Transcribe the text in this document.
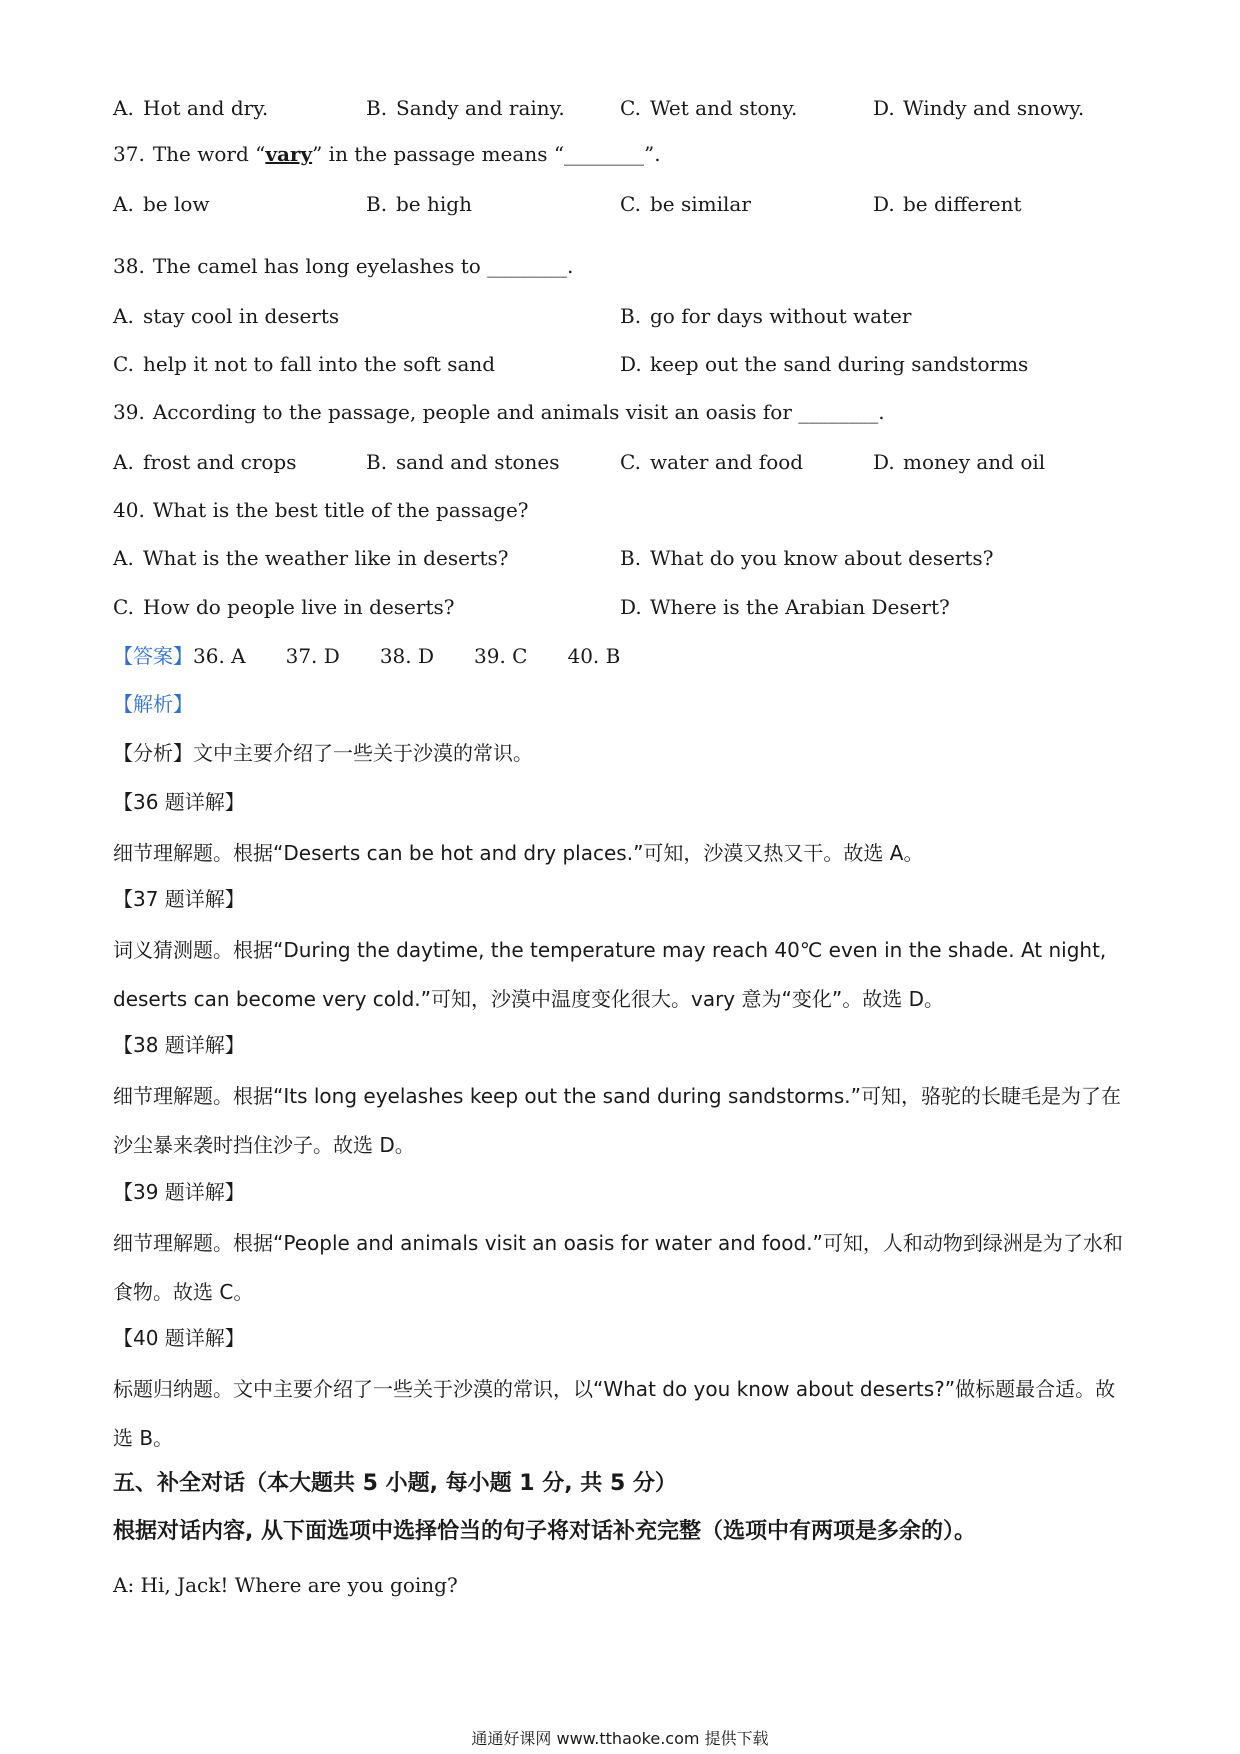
A. Hot and dry.	B. Sandy and rainy.	C. Wet and stony.	D. Windy and snowy.
37. The word “vary” in the passage means “________”.
A. be low	B. be high	C. be similar	D. be different
38. The camel has long eyelashes to ________.
A. stay cool in deserts	B. go for days without water
C. help it not to fall into the soft sand	D. keep out the sand during sandstorms
39. According to the passage, people and animals visit an oasis for ________.
A. frost and crops	B. sand and stones	C. water and food	D. money and oil
40. What is the best title of the passage?
A. What is the weather like in deserts?	B. What do you know about deserts?
C. How do people live in deserts?	D. Where is the Arabian Desert?
【答案】36. A 37. D 38. D 39. C 40. B
【解析】
【分析】文中主要介绍了一些关于沙漠的常识。
【36 题详解】
细节理解题。根据“Deserts can be hot and dry places.”可知，沙漠又热又干。故选 A。
【37 题详解】
词义猜测题。根据“During the daytime, the temperature may reach 40℃ even in the shade. At night, deserts can become very cold.”可知，沙漠中温度变化很大。vary 意为“变化”。故选 D。
【38 题详解】
细节理解题。根据“Its long eyelashes keep out the sand during sandstorms.”可知，骆驼的长睫毛是为了在沙尘暴来袭时挡住沙子。故选 D。
【39 题详解】
细节理解题。根据“People and animals visit an oasis for water and food.”可知，人和动物到绿洲是为了水和食物。故选 C。
【40 题详解】
标题归纳题。文中主要介绍了一些关于沙漠的常识，以“What do you know about deserts?”做标题最合适。故选 B。
五、补全对话（本大题共 5 小题, 每小题 1 分, 共 5 分）
根据对话内容, 从下面选项中选择恰当的句子将对话补充完整（选项中有两项是多余的）。
A: Hi, Jack! Where are you going?
通通好课网 www.tthaoke.com 提供下载
